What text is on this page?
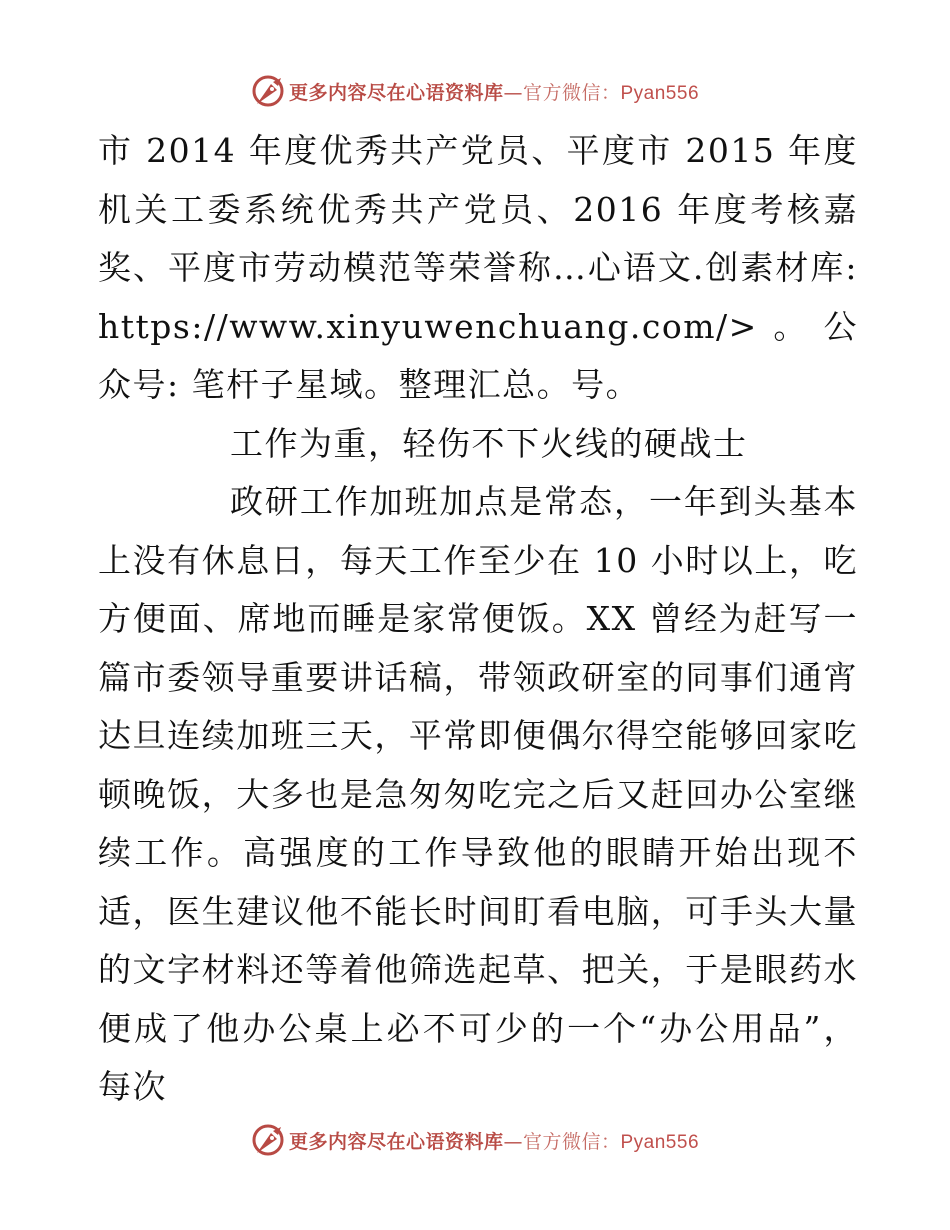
更多内容尽在心语资料库—官方微信：Pyan556

市 2014 年度优秀共产党员、平度市 2015 年度机关工委系统优秀共产党员、2016 年度考核嘉奖、平度市劳动模范等荣誉称…心语文.创素材库: https://www.xinyuwenchuang.com/>。公众号: 笔杆子星域。整理汇总。号。

工作为重，轻伤不下火线的硬战士

政研工作加班加点是常态，一年到头基本上没有休息日，每天工作至少在 10 小时以上，吃方便面、席地而睡是家常便饭。XX 曾经为赶写一篇市委领导重要讲话稿，带领政研室的同事们通宵达旦连续加班三天，平常即便偶尔得空能够回家吃顿晚饭，大多也是急匆匆吃完之后又赶回办公室继续工作。高强度的工作导致他的眼睛开始出现不适，医生建议他不能长时间盯看电脑，可手头大量的文字材料还等着他筛选起草、把关，于是眼药水便成了他办公桌上必不可少的一个“办公用品”，每次

更多内容尽在心语资料库—官方微信：Pyan556
